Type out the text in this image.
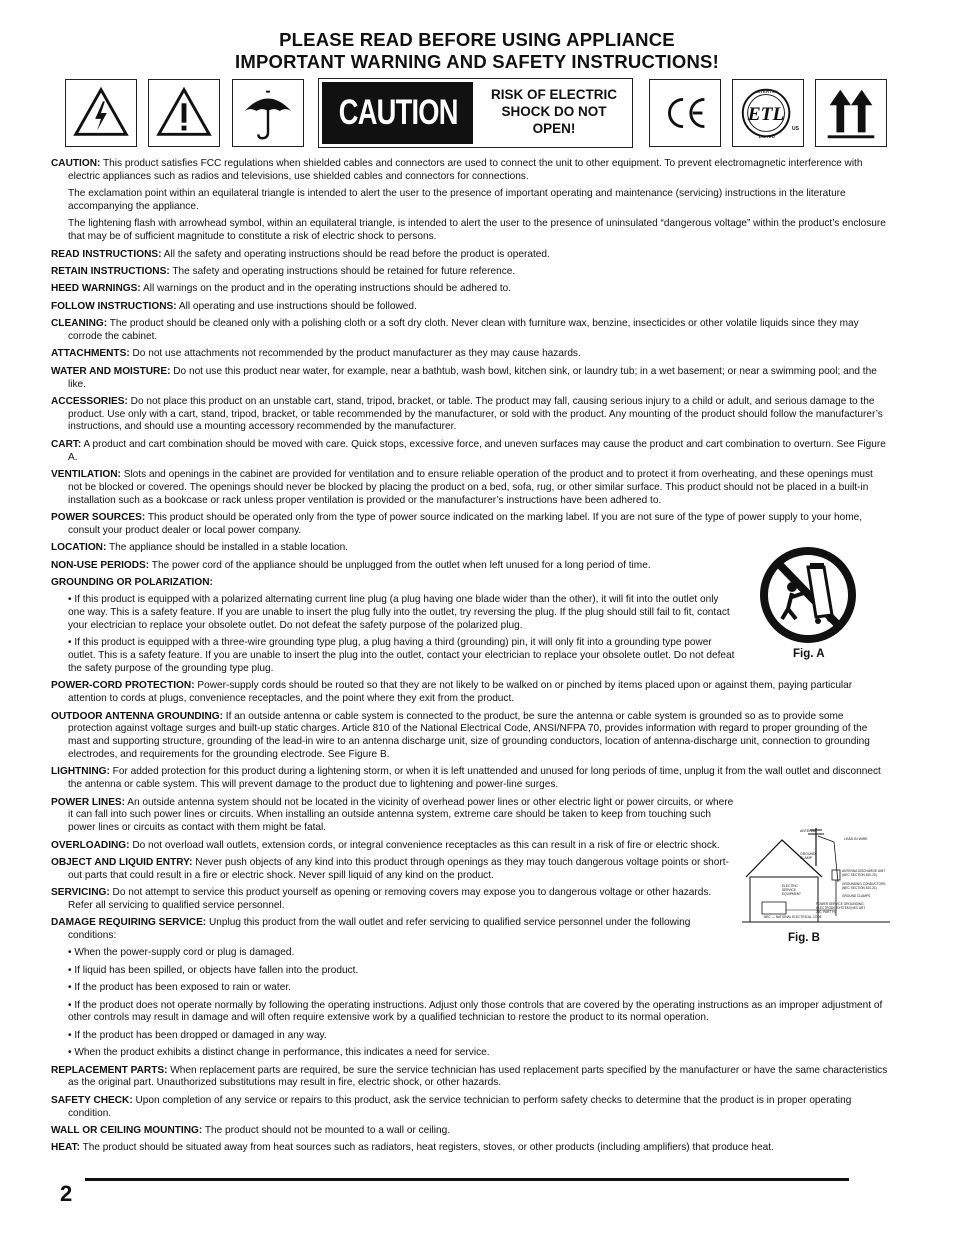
PLEASE READ BEFORE USING APPLIANCE
IMPORTANT WARNING AND SAFETY INSTRUCTIONS!
CAUTION	RISK OF ELECTRIC
SHOCK DO NOT
OPEN!
ETL
INTERTEK
LISTED
US
CAUTION: This product satisfies FCC regulations when shielded cables and connectors are used to connect the unit to other equipment. To prevent electromagnetic interference with electric appliances such as radios and televisions, use shielded cables and connectors for connections.
The exclamation point within an equilateral triangle is intended to alert the user to the presence of important operating and maintenance (servicing) instructions in the literature accompanying the appliance.
The lightening flash with arrowhead symbol, within an equilateral triangle, is intended to alert the user to the presence of uninsulated “dangerous voltage” within the product’s enclosure that may be of sufficient magnitude to constitute a risk of electric shock to persons.
READ INSTRUCTIONS: All the safety and operating instructions should be read before the product is operated.
RETAIN INSTRUCTIONS: The safety and operating instructions should be retained for future reference.
HEED WARNINGS: All warnings on the product and in the operating instructions should be adhered to.
FOLLOW INSTRUCTIONS: All operating and use instructions should be followed.
CLEANING: The product should be cleaned only with a polishing cloth or a soft dry cloth. Never clean with furniture wax, benzine, insecticides or other volatile liquids since they may corrode the cabinet.
ATTACHMENTS: Do not use attachments not recommended by the product manufacturer as they may cause hazards.
WATER AND MOISTURE: Do not use this product near water, for example, near a bathtub, wash bowl, kitchen sink, or laundry tub; in a wet basement; or near a swimming pool; and the like.
ACCESSORIES: Do not place this product on an unstable cart, stand, tripod, bracket, or table. The product may fall, causing serious injury to a child or adult, and serious damage to the product. Use only with a cart, stand, tripod, bracket, or table recommended by the manufacturer, or sold with the product. Any mounting of the product should follow the manufacturer’s instructions, and should use a mounting accessory recommended by the manufacturer.
CART: A product and cart combination should be moved with care. Quick stops, excessive force, and uneven surfaces may cause the product and cart combination to overturn. See Figure A.
VENTILATION: Slots and openings in the cabinet are provided for ventilation and to ensure reliable operation of the product and to protect it from overheating, and these openings must not be blocked or covered. The openings should never be blocked by placing the product on a bed, sofa, rug, or other similar surface. This product should not be placed in a built-in installation such as a bookcase or rack unless proper ventilation is provided or the manufacturer’s instructions have been adhered to.
POWER SOURCES: This product should be operated only from the type of power source indicated on the marking label. If you are not sure of the type of power supply to your home, consult your product dealer or local power company.
LOCATION: The appliance should be installed in a stable location.
NON-USE PERIODS: The power cord of the appliance should be unplugged from the outlet when left unused for a long period of time.
GROUNDING OR POLARIZATION:
• If this product is equipped with a polarized alternating current line plug (a plug having one blade wider than the other), it will fit into the outlet only one way. This is a safety feature. If you are unable to insert the plug fully into the outlet, try reversing the plug. If the plug should still fail to fit, contact your electrician to replace your obsolete outlet. Do not defeat the safety purpose of the polarized plug.
• If this product is equipped with a three-wire grounding type plug, a plug having a third (grounding) pin, it will only fit into a grounding type power outlet. This is a safety feature. If you are unable to insert the plug into the outlet, contact your electrician to replace your obsolete outlet. Do not defeat the safety purpose of the grounding type plug.
POWER-CORD PROTECTION: Power-supply cords should be routed so that they are not likely to be walked on or pinched by items placed upon or against them, paying particular attention to cords at plugs, convenience receptacles, and the point where they exit from the product.
OUTDOOR ANTENNA GROUNDING: If an outside antenna or cable system is connected to the product, be sure the antenna or cable system is grounded so as to provide some protection against voltage surges and built-up static charges. Article 810 of the National Electrical Code, ANSI/NFPA 70, provides information with regard to proper grounding of the mast and supporting structure, grounding of the lead-in wire to an antenna discharge unit, size of grounding conductors, location of antenna-discharge unit, connection to grounding electrodes, and requirements for the grounding electrode. See Figure B.
LIGHTNING: For added protection for this product during a lightening storm, or when it is left unattended and unused for long periods of time, unplug it from the wall outlet and disconnect the antenna or cable system. This will prevent damage to the product due to lightening and power-line surges.
POWER LINES: An outside antenna system should not be located in the vicinity of overhead power lines or other electric light or power circuits, or where it can fall into such power lines or circuits. When installing an outside antenna system, extreme care should be taken to keep from touching such power lines or circuits as contact with them might be fatal.
OVERLOADING: Do not overload wall outlets, extension cords, or integral convenience receptacles as this can result in a risk of fire or electric shock.
OBJECT AND LIQUID ENTRY: Never push objects of any kind into this product through openings as they may touch dangerous voltage points or short-out parts that could result in a fire or electric shock. Never spill liquid of any kind on the product.
SERVICING: Do not attempt to service this product yourself as opening or removing covers may expose you to dangerous voltage or other hazards. Refer all servicing to qualified service personnel.
DAMAGE REQUIRING SERVICE: Unplug this product from the wall outlet and refer servicing to qualified service personnel under the following conditions:
• When the power-supply cord or plug is damaged.
• If liquid has been spilled, or objects have fallen into the product.
• If the product has been exposed to rain or water.
• If the product does not operate normally by following the operating instructions. Adjust only those controls that are covered by the operating instructions as an improper adjustment of other controls may result in damage and will often require extensive work by a qualified technician to restore the product to its normal operation.
• If the product has been dropped or damaged in any way.
• When the product exhibits a distinct change in performance, this indicates a need for service.
REPLACEMENT PARTS: When replacement parts are required, be sure the service technician has used replacement parts specified by the manufacturer or have the same characteristics as the original part. Unauthorized substitutions may result in fire, electric shock, or other hazards.
SAFETY CHECK: Upon completion of any service or repairs to this product, ask the service technician to perform safety checks to determine that the product is in proper operating condition.
WALL OR CEILING MOUNTING: The product should not be mounted to a wall or ceiling.
HEAT: The product should be situated away from heat sources such as radiators, heat registers, stoves, or other products (including amplifiers) that produce heat.
Fig. A
ANTENNA
LEAD IN WIRE
GROUND CLAMP
ANTENNA DISCHARGE UNIT (NEC SECTION 810-20)
ELECTRIC SERVICE EQUIPMENT
GROUNDING CONDUCTORS (NEC SECTION 810-21)
GROUND CLAMPS
POWER SERVICE GROUNDING ELECTRODE SYSTEM (NEC ART 250, PART H)
NEC — NATIONAL ELECTRICAL CODE
Fig. B
2
